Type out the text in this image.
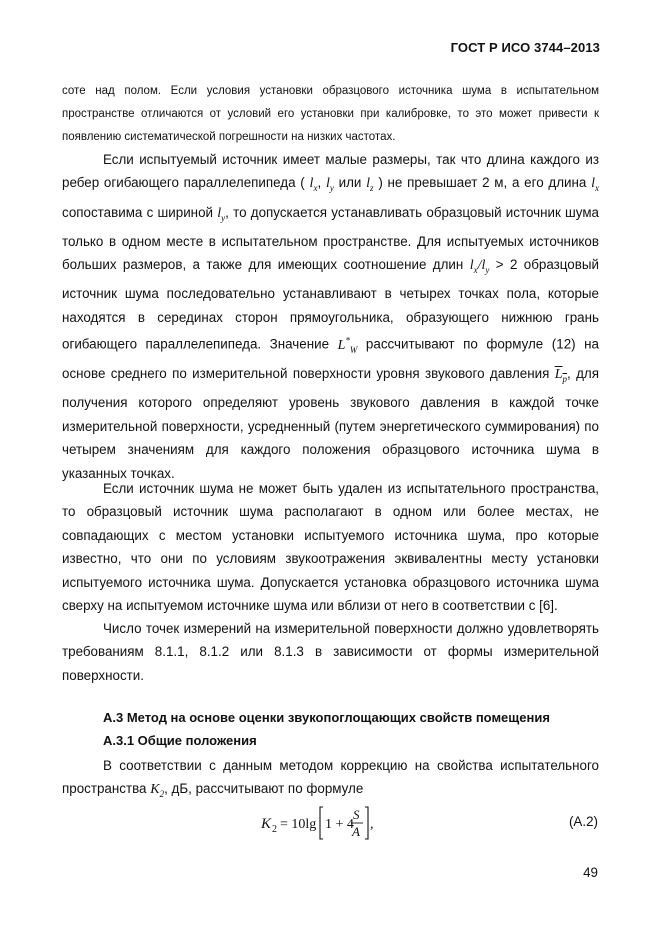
ГОСТ Р ИСО 3744–2013

сотe над полом. Если условия установки образцового источника шума в испытательном пространстве отличаются от условий его установки при калибровке, то это может привести к появлению систематической погрешности на низких частотах.

Если испытуемый источник имеет малые размеры, так что длина каждого из ребер огибающего параллелепипеда ( $l_x$, $l_y$ или $l_z$ ) не превышает 2 м, а его длина $l_x$ сопоставима с шириной $l_y$, то допускается устанавливать образцовый источник шума только в одном месте в испытательном пространстве. Для испытуемых источников больших размеров, а также для имеющих соотношение длин $l_x/l_y > 2$ образцовый источник шума последовательно устанавливают в четырех точках пола, которые находятся в серединах сторон прямоугольника, образующего нижнюю грань огибающего параллелепипеда. Значение $L^*_W$ рассчитывают по формуле (12) на основе среднего по измерительной поверхности уровня звукового давления $L_p$, для получения которого определяют уровень звукового давления в каждой точке измерительной поверхности, усредненный (путем энергетического суммирования) по четырем значениям для каждого положения образцового источника шума в указанных точках.

Если источник шума не может быть удален из испытательного пространства, то образцовый источник шума располагают в одном или более местах, не совпадающих с местом установки испытуемого источника шума, про которые известно, что они по условиям звукоотражения эквивалентны месту установки испытуемого источника шума. Допускается установка образцового источника шума сверху на испытуемом источнике шума или вблизи от него в соответствии с [6].

Число точек измерений на измерительной поверхности должно удовлетворять требованиям 8.1.1, 8.1.2 или 8.1.3 в зависимости от формы измерительной поверхности.

А.3 Метод на основе оценки звукопоглощающих свойств помещения
А.3.1 Общие положения

В соответствии с данным методом коррекцию на свойства испытательного пространства $K_2$, дБ, рассчитывают по формуле

K 2 = 10lg 1 + 4
S
A ,	(А.2)
49
